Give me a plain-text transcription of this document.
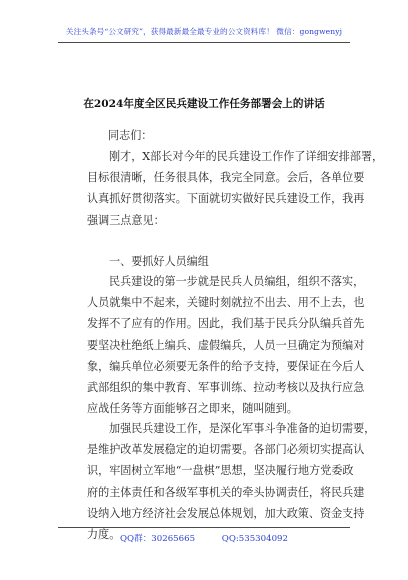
关注头条号“公文研究”，获得最新最全最专业的公文资料库！ 微信：gongwenyj
在2024年度全区民兵建设工作任务部署会上的讲话
同志们：
刚才，X部长对今年的民兵建设工作作了详细安排部署，
目标很清晰，任务很具体，我完全同意。会后，各单位要
认真抓好贯彻落实。下面就切实做好民兵建设工作，我再
强调三点意见：
一、要抓好人员编组
民兵建设的第一步就是民兵人员编组，组织不落实，
人员就集中不起来，关键时刻就拉不出去、用不上去，也
发挥不了应有的作用。因此，我们基于民兵分队编兵首先
要坚决杜绝纸上编兵、虚假编兵，人员一旦确定为预编对
象，编兵单位必须要无条件的给予支持，要保证在今后人
武部组织的集中教育、军事训练、拉动考核以及执行应急
应战任务等方面能够召之即来，随叫随到。
加强民兵建设工作，是深化军事斗争准备的迫切需要，
是维护改革发展稳定的迫切需要。各部门必须切实提高认
识，牢固树立军地“一盘棋”思想，坚决履行地方党委政
府的主体责任和各级军事机关的牵头协调责任，将民兵建
设纳入地方经济社会发展总体规划，加大政策、资金支持
力度。 QQ群：30265665	QQ:535304092
